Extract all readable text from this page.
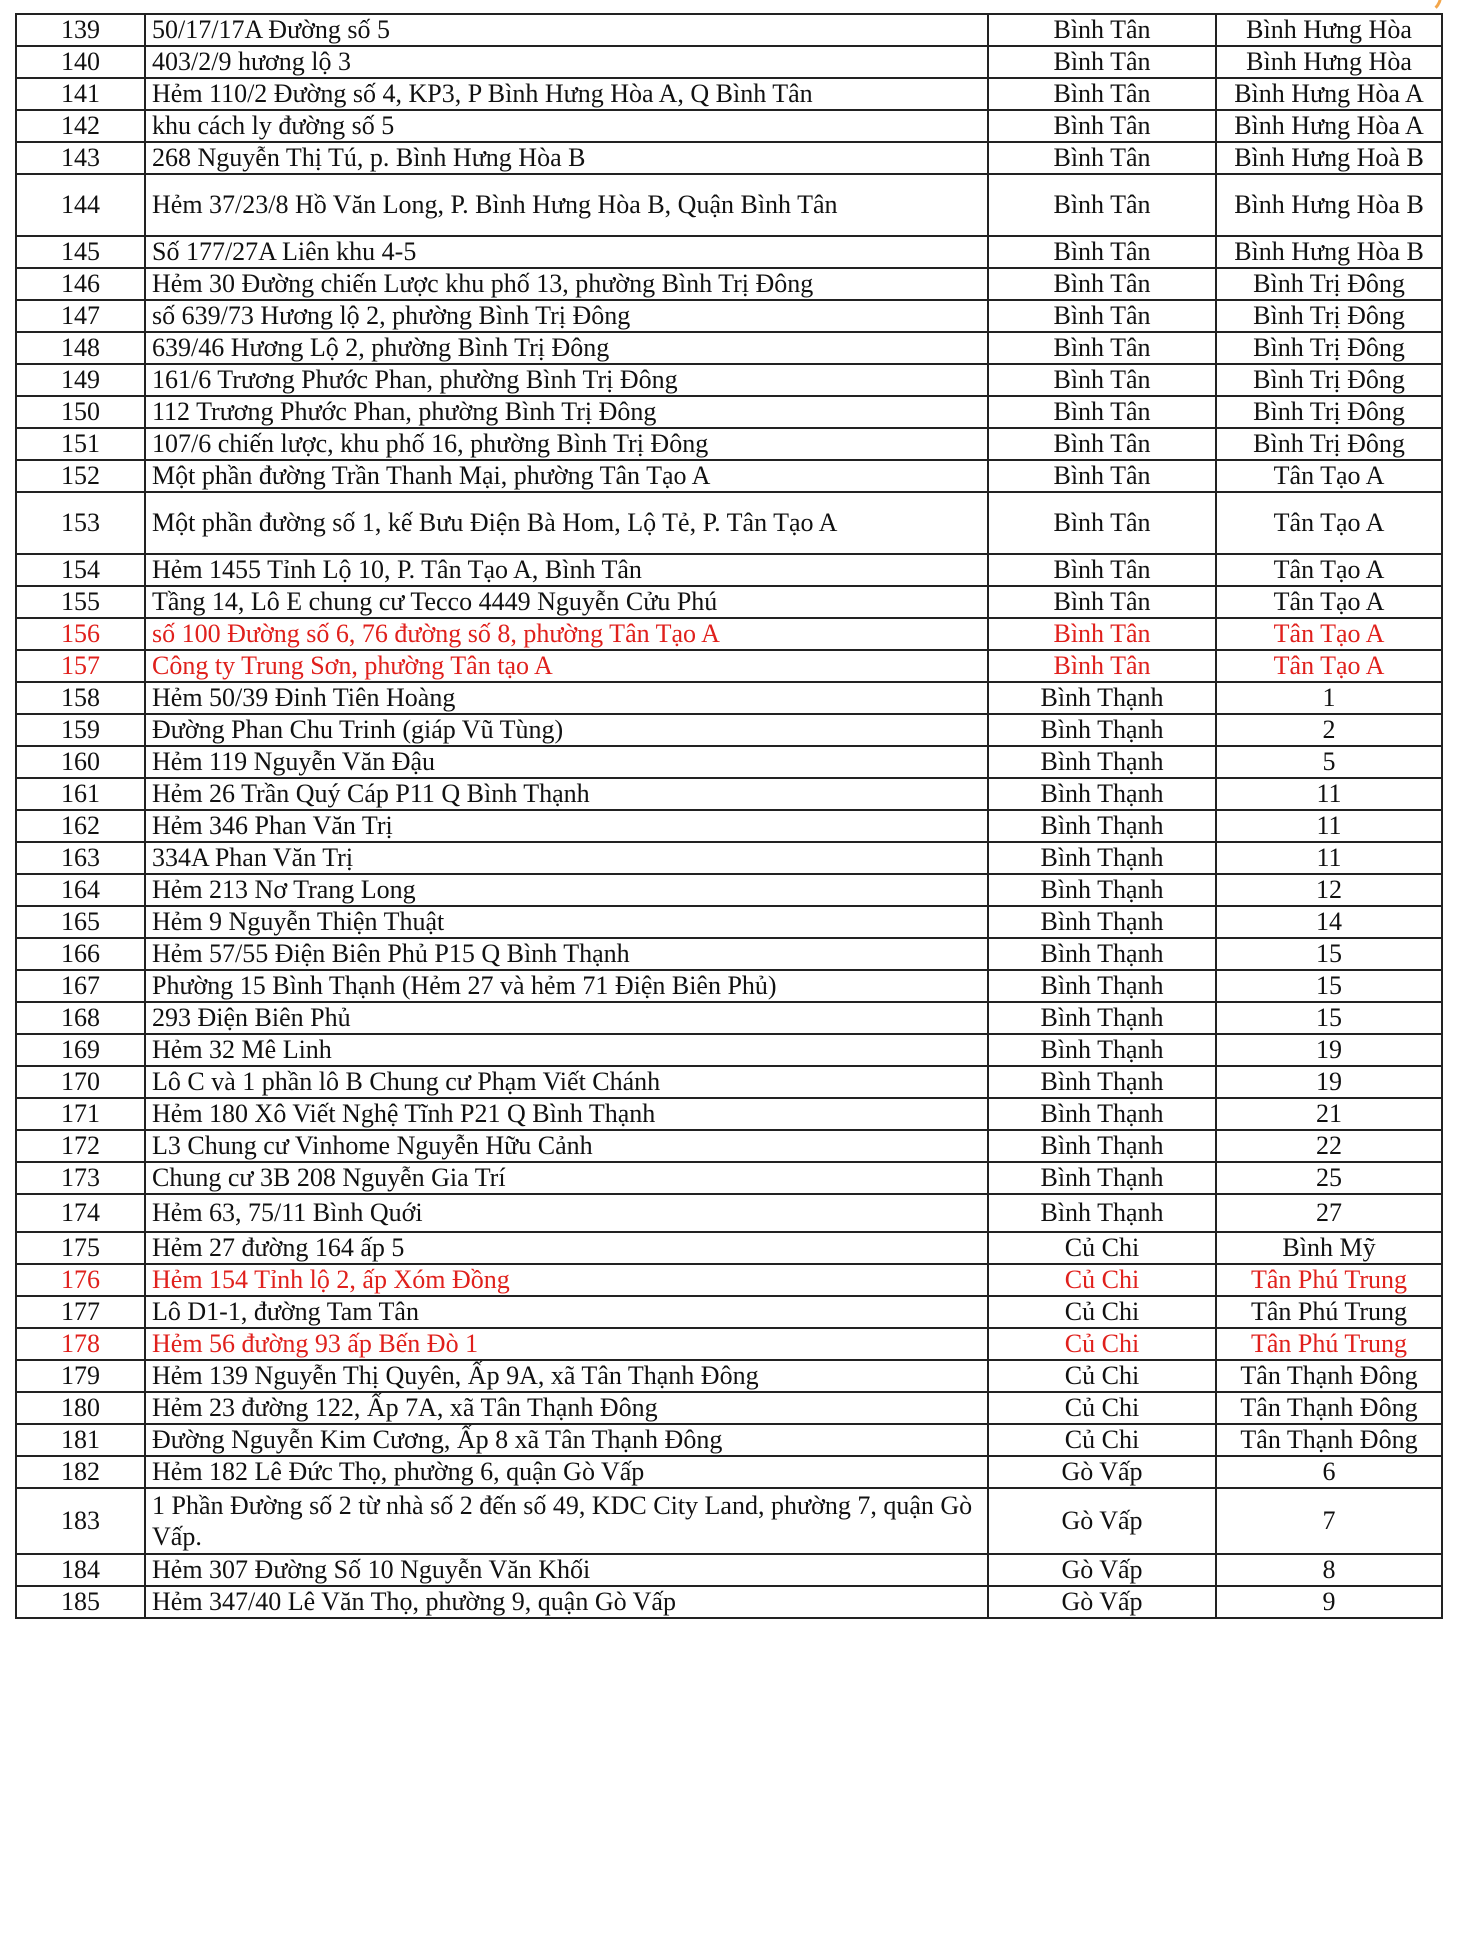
139	50/17/17A Đường số 5	Bình Tân	Bình Hưng Hòa
140	403/2/9 hương lộ 3	Bình Tân	Bình Hưng Hòa
141	Hẻm 110/2 Đường số 4, KP3, P Bình Hưng Hòa A, Q Bình Tân	Bình Tân	Bình Hưng Hòa A
142	khu cách ly đường số 5	Bình Tân	Bình Hưng Hòa A
143	268 Nguyễn Thị Tú, p. Bình Hưng Hòa B	Bình Tân	Bình Hưng Hoà B
144	Hẻm 37/23/8 Hồ Văn Long, P. Bình Hưng Hòa B, Quận Bình Tân	Bình Tân	Bình Hưng Hòa B
145	Số 177/27A Liên khu 4-5	Bình Tân	Bình Hưng Hòa B
146	Hẻm 30 Đường chiến Lược khu phố 13, phường Bình Trị Đông	Bình Tân	Bình Trị Đông
147	số 639/73 Hương lộ 2, phường Bình Trị Đông	Bình Tân	Bình Trị Đông
148	639/46 Hương Lộ 2, phường Bình Trị Đông	Bình Tân	Bình Trị Đông
149	161/6 Trương Phước Phan, phường Bình Trị Đông	Bình Tân	Bình Trị Đông
150	112 Trương Phước Phan, phường Bình Trị Đông	Bình Tân	Bình Trị Đông
151	107/6 chiến lược, khu phố 16, phường Bình Trị Đông	Bình Tân	Bình Trị Đông
152	Một phần đường Trần Thanh Mại, phường Tân Tạo A	Bình Tân	Tân Tạo A
153	Một phần đường số 1, kế Bưu Điện Bà Hom, Lộ Tẻ, P. Tân Tạo A	Bình Tân	Tân Tạo A
154	Hẻm 1455 Tỉnh Lộ 10, P. Tân Tạo A, Bình Tân	Bình Tân	Tân Tạo A
155	Tầng 14, Lô E chung cư Tecco 4449 Nguyễn Cửu Phú	Bình Tân	Tân Tạo A
156	số 100 Đường số 6, 76 đường số 8, phường Tân Tạo A	Bình Tân	Tân Tạo A
157	Công ty Trung Sơn, phường Tân tạo A	Bình Tân	Tân Tạo A
158	Hẻm 50/39 Đinh Tiên Hoàng	Bình Thạnh	1
159	Đường Phan Chu Trinh (giáp Vũ Tùng)	Bình Thạnh	2
160	Hẻm 119 Nguyễn Văn Đậu	Bình Thạnh	5
161	Hẻm 26 Trần Quý Cáp P11 Q Bình Thạnh	Bình Thạnh	11
162	Hẻm 346 Phan Văn Trị	Bình Thạnh	11
163	334A Phan Văn Trị	Bình Thạnh	11
164	Hẻm 213 Nơ Trang Long	Bình Thạnh	12
165	Hẻm 9 Nguyễn Thiện Thuật	Bình Thạnh	14
166	Hẻm 57/55 Điện Biên Phủ P15 Q Bình Thạnh	Bình Thạnh	15
167	Phường 15 Bình Thạnh (Hẻm 27 và hẻm 71 Điện Biên Phủ)	Bình Thạnh	15
168	293 Điện Biên Phủ	Bình Thạnh	15
169	Hẻm 32 Mê Linh	Bình Thạnh	19
170	Lô C và 1 phần lô B Chung cư Phạm Viết Chánh	Bình Thạnh	19
171	Hẻm 180 Xô Viết Nghệ Tĩnh P21 Q Bình Thạnh	Bình Thạnh	21
172	L3 Chung cư Vinhome Nguyễn Hữu Cảnh	Bình Thạnh	22
173	Chung cư 3B 208 Nguyễn Gia Trí	Bình Thạnh	25
174	Hẻm 63, 75/11 Bình Quới	Bình Thạnh	27
175	Hẻm 27 đường 164 ấp 5	Củ Chi	Bình Mỹ
176	Hẻm 154 Tỉnh lộ 2, ấp Xóm Đồng	Củ Chi	Tân Phú Trung
177	Lô D1-1, đường Tam Tân	Củ Chi	Tân Phú Trung
178	Hẻm 56 đường 93 ấp Bến Đò 1	Củ Chi	Tân Phú Trung
179	Hẻm 139 Nguyễn Thị Quyên, Ấp 9A, xã Tân Thạnh Đông	Củ Chi	Tân Thạnh Đông
180	Hẻm 23 đường 122, Ấp 7A, xã Tân Thạnh Đông	Củ Chi	Tân Thạnh Đông
181	Đường Nguyễn Kim Cương, Ấp 8 xã Tân Thạnh Đông	Củ Chi	Tân Thạnh Đông
182	Hẻm 182 Lê Đức Thọ, phường 6, quận Gò Vấp	Gò Vấp	6
183	1 Phần Đường số 2 từ nhà số 2 đến số 49, KDC City Land, phường 7, quận Gò Vấp.	Gò Vấp	7
184	Hẻm 307 Đường Số 10 Nguyễn Văn Khối	Gò Vấp	8
185	Hẻm 347/40 Lê Văn Thọ, phường 9, quận Gò Vấp	Gò Vấp	9
